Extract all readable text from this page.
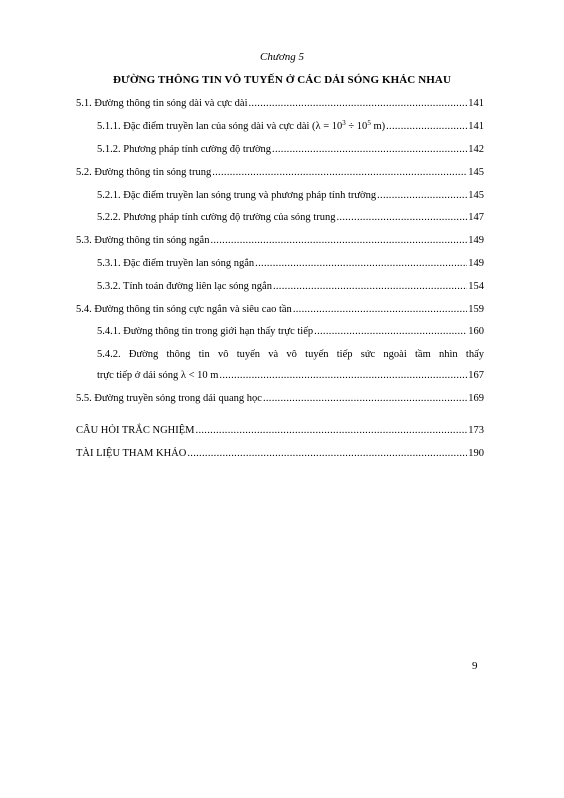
Chương 5
ĐƯỜNG THÔNG TIN VÔ TUYẾN Ở CÁC DẢI SÓNG KHÁC NHAU
5.1. Đường thông tin sóng dài và cực dài .....	141
5.1.1. Đặc điểm truyền lan của sóng dài và cực dài ($\lambda = 10^3 \div 10^5$ m) .....	141
5.1.2. Phương pháp tính cường độ trường .....	142
5.2. Đường thông tin sóng trung .....	145
5.2.1. Đặc điểm truyền lan sóng trung và phương pháp tính trường .....	145
5.2.2. Phương pháp tính cường độ trường của sóng trung .....	147
5.3. Đường thông tin sóng ngắn .....	149
5.3.1. Đặc điểm truyền lan sóng ngắn .....	149
5.3.2. Tính toán đường liên lạc sóng ngắn .....	154
5.4. Đường thông tin sóng cực ngắn và siêu cao tần .....	159
5.4.1. Đường thông tin trong giới hạn thấy trực tiếp .....	160
5.4.2. Đường thông tin vô tuyến và vô tuyến tiếp sức ngoài tầm nhìn thấy
trực tiếp ở dải sóng λ < 10 m .....	167
5.5. Đường truyền sóng trong dải quang học .....	169
CÂU HỎI TRẮC NGHIỆM .....	173
TÀI LIỆU THAM KHẢO .....	190
9
